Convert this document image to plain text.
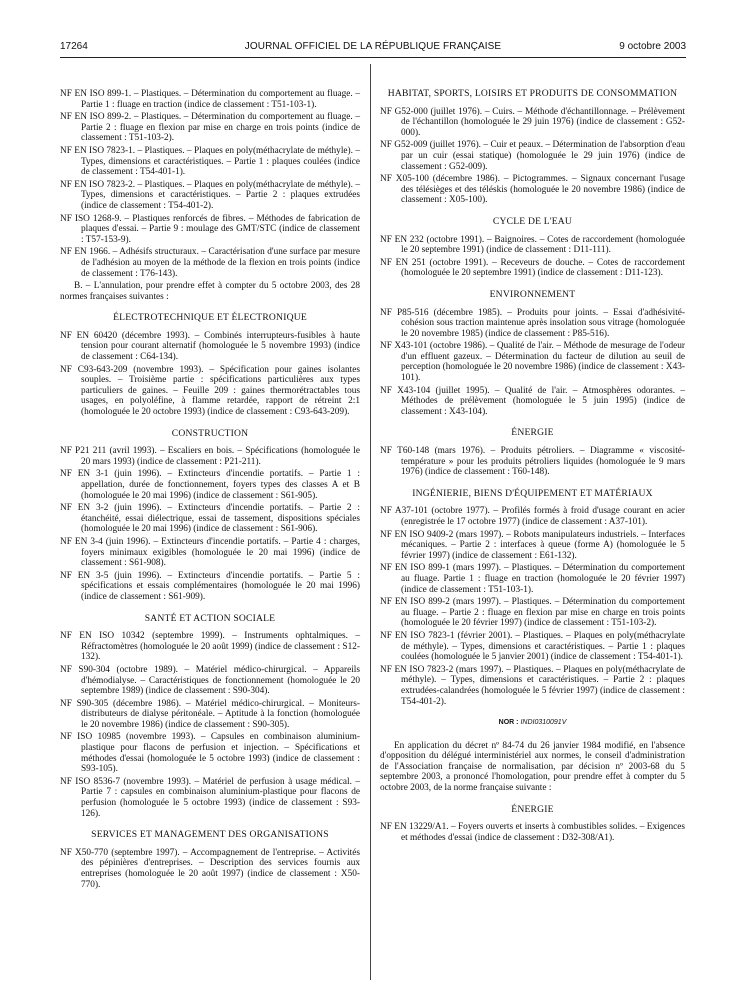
17264	JOURNAL OFFICIEL DE LA RÉPUBLIQUE FRANÇAISE	9 octobre 2003

NF EN ISO 899-1. – Plastiques. – Détermination du comportement au fluage. – Partie 1 : fluage en traction (indice de classement : T51-103-1).

NF EN ISO 899-2. – Plastiques. – Détermination du comportement au fluage. – Partie 2 : fluage en flexion par mise en charge en trois points (indice de classement : T51-103-2).

NF EN ISO 7823-1. – Plastiques. – Plaques en poly(méthacrylate de méthyle). – Types, dimensions et caractéristiques. – Partie 1 : plaques coulées (indice de classement : T54-401-1).

NF EN ISO 7823-2. – Plastiques. – Plaques en poly(méthacrylate de méthyle). – Types, dimensions et caractéristiques. – Partie 2 : plaques extrudées (indice de classement : T54-401-2).

NF ISO 1268-9. – Plastiques renforcés de fibres. – Méthodes de fabrication de plaques d'essai. – Partie 9 : moulage des GMT/STC (indice de classement : T57-153-9).

NF EN 1966. – Adhésifs structuraux. – Caractérisation d'une surface par mesure de l'adhésion au moyen de la méthode de la flexion en trois points (indice de classement : T76-143).

B. – L'annulation, pour prendre effet à compter du 5 octobre 2003, des 28 normes françaises suivantes :

ÉLECTROTECHNIQUE ET ÉLECTRONIQUE

NF EN 60420 (décembre 1993). – Combinés interrupteurs-fusibles à haute tension pour courant alternatif (homologuée le 5 novembre 1993) (indice de classement : C64-134).

NF C93-643-209 (novembre 1993). – Spécification pour gaines isolantes souples. – Troisième partie : spécifications particulières aux types particuliers de gaines. – Feuille 209 : gaines thermorétractables tous usages, en polyoléfine, à flamme retardée, rapport de rétreint 2:1 (homologuée le 20 octobre 1993) (indice de classement : C93-643-209).

CONSTRUCTION

NF P21 211 (avril 1993). – Escaliers en bois. – Spécifications (homologuée le 20 mars 1993) (indice de classement : P21-211).

NF EN 3-1 (juin 1996). – Extincteurs d'incendie portatifs. – Partie 1 : appellation, durée de fonctionnement, foyers types des classes A et B (homologuée le 20 mai 1996) (indice de classement : S61-905).

NF EN 3-2 (juin 1996). – Extincteurs d'incendie portatifs. – Partie 2 : étanchéité, essai diélectrique, essai de tassement, dispositions spéciales (homologuée le 20 mai 1996) (indice de classement : S61-906).

NF EN 3-4 (juin 1996). – Extincteurs d'incendie portatifs. – Partie 4 : charges, foyers minimaux exigibles (homologuée le 20 mai 1996) (indice de classement : S61-908).

NF EN 3-5 (juin 1996). – Extincteurs d'incendie portatifs. – Partie 5 : spécifications et essais complémentaires (homologuée le 20 mai 1996) (indice de classement : S61-909).

SANTÉ ET ACTION SOCIALE

NF EN ISO 10342 (septembre 1999). – Instruments ophtalmiques. – Réfractomètres (homologuée le 20 août 1999) (indice de classement : S12-132).

NF S90-304 (octobre 1989). – Matériel médico-chirurgical. – Appareils d'hémodialyse. – Caractéristiques de fonctionnement (homologuée le 20 septembre 1989) (indice de classement : S90-304).

NF S90-305 (décembre 1986). – Matériel médico-chirurgical. – Moniteurs-distributeurs de dialyse péritonéale. – Aptitude à la fonction (homologuée le 20 novembre 1986) (indice de classement : S90-305).

NF ISO 10985 (novembre 1993). – Capsules en combinaison aluminium-plastique pour flacons de perfusion et injection. – Spécifications et méthodes d'essai (homologuée le 5 octobre 1993) (indice de classement : S93-105).

NF ISO 8536-7 (novembre 1993). – Matériel de perfusion à usage médical. – Partie 7 : capsules en combinaison aluminium-plastique pour flacons de perfusion (homologuée le 5 octobre 1993) (indice de classement : S93-126).

SERVICES ET MANAGEMENT DES ORGANISATIONS

NF X50-770 (septembre 1997). – Accompagnement de l'entreprise. – Activités des pépinières d'entreprises. – Description des services fournis aux entreprises (homologuée le 20 août 1997) (indice de classement : X50-770).

HABITAT, SPORTS, LOISIRS ET PRODUITS DE CONSOMMATION

NF G52-000 (juillet 1976). – Cuirs. – Méthode d'échantillonnage. – Prélèvement de l'échantillon (homologuée le 29 juin 1976) (indice de classement : G52-000).

NF G52-009 (juillet 1976). – Cuir et peaux. – Détermination de l'absorption d'eau par un cuir (essai statique) (homologuée le 29 juin 1976) (indice de classement : G52-009).

NF X05-100 (décembre 1986). – Pictogrammes. – Signaux concernant l'usage des télésièges et des téléskis (homologuée le 20 novembre 1986) (indice de classement : X05-100).

CYCLE DE L'EAU

NF EN 232 (octobre 1991). – Baignoires. – Cotes de raccordement (homologuée le 20 septembre 1991) (indice de classement : D11-111).

NF EN 251 (octobre 1991). – Receveurs de douche. – Cotes de raccordement (homologuée le 20 septembre 1991) (indice de classement : D11-123).

ENVIRONNEMENT

NF P85-516 (décembre 1985). – Produits pour joints. – Essai d'adhésivité-cohésion sous traction maintenue après insolation sous vitrage (homologuée le 20 novembre 1985) (indice de classement : P85-516).

NF X43-101 (octobre 1986). – Qualité de l'air. – Méthode de mesurage de l'odeur d'un effluent gazeux. – Détermination du facteur de dilution au seuil de perception (homologuée le 20 novembre 1986) (indice de classement : X43-101).

NF X43-104 (juillet 1995). – Qualité de l'air. – Atmosphères odorantes. – Méthodes de prélèvement (homologuée le 5 juin 1995) (indice de classement : X43-104).

ÉNERGIE

NF T60-148 (mars 1976). – Produits pétroliers. – Diagramme « viscosité-température » pour les produits pétroliers liquides (homologuée le 9 mars 1976) (indice de classement : T60-148).

INGÉNIERIE, BIENS D'ÉQUIPEMENT ET MATÉRIAUX

NF A37-101 (octobre 1977). – Profilés formés à froid d'usage courant en acier (enregistrée le 17 octobre 1977) (indice de classement : A37-101).

NF EN ISO 9409-2 (mars 1997). – Robots manipulateurs industriels. – Interfaces mécaniques. – Partie 2 : interfaces à queue (forme A) (homologuée le 5 février 1997) (indice de classement : E61-132).

NF EN ISO 899-1 (mars 1997). – Plastiques. – Détermination du comportement au fluage. Partie 1 : fluage en traction (homologuée le 20 février 1997) (indice de classement : T51-103-1).

NF EN ISO 899-2 (mars 1997). – Plastiques. – Détermination du comportement au fluage. – Partie 2 : fluage en flexion par mise en charge en trois points (homologuée le 20 février 1997) (indice de classement : T51-103-2).

NF EN ISO 7823-1 (février 2001). – Plastiques. – Plaques en poly(méthacrylate de méthyle). – Types, dimensions et caractéristiques. – Partie 1 : plaques coulées (homologuée le 5 janvier 2001) (indice de classement : T54-401-1).

NF EN ISO 7823-2 (mars 1997). – Plastiques. – Plaques en poly(méthacrylate de méthyle). – Types, dimensions et caractéristiques. – Partie 2 : plaques extrudées-calandrées (homologuée le 5 février 1997) (indice de classement : T54-401-2).

NOR : INDI0310091V

En application du décret nº 84-74 du 26 janvier 1984 modifié, en l'absence d'opposition du délégué interministériel aux normes, le conseil d'administration de l'Association française de normalisation, par décision nº 2003-68 du 5 septembre 2003, a prononcé l'homologation, pour prendre effet à compter du 5 octobre 2003, de la norme française suivante :

ÉNERGIE

NF EN 13229/A1. – Foyers ouverts et inserts à combustibles solides. – Exigences et méthodes d'essai (indice de classement : D32-308/A1).
